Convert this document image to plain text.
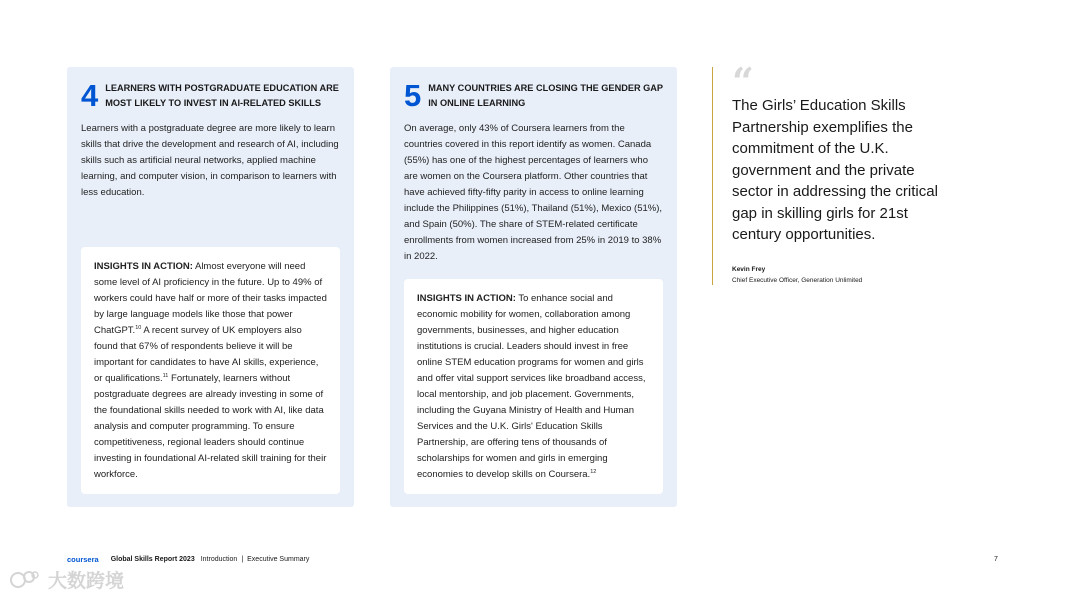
4 LEARNERS WITH POSTGRADUATE EDUCATION ARE MOST LIKELY TO INVEST IN AI-RELATED SKILLS
Learners with a postgraduate degree are more likely to learn skills that drive the development and research of AI, including skills such as artificial neural networks, applied machine learning, and computer vision, in comparison to learners with less education.
INSIGHTS IN ACTION: Almost everyone will need some level of AI proficiency in the future. Up to 49% of workers could have half or more of their tasks impacted by large language models like those that power ChatGPT.$^{10}$ A recent survey of UK employers also found that 67% of respondents believe it will be important for candidates to have AI skills, experience, or qualifications.$^{11}$ Fortunately, learners without postgraduate degrees are already investing in some of the foundational skills needed to work with AI, like data analysis and computer programming. To ensure competitiveness, regional leaders should continue investing in foundational AI-related skill training for their workforce.
5 MANY COUNTRIES ARE CLOSING THE GENDER GAP IN ONLINE LEARNING
On average, only 43% of Coursera learners from the countries covered in this report identify as women. Canada (55%) has one of the highest percentages of learners who are women on the Coursera platform. Other countries that have achieved fifty-fifty parity in access to online learning include the Philippines (51%), Thailand (51%), Mexico (51%), and Spain (50%). The share of STEM-related certificate enrollments from women increased from 25% in 2019 to 38% in 2022.
INSIGHTS IN ACTION: To enhance social and economic mobility for women, collaboration among governments, businesses, and higher education institutions is crucial. Leaders should invest in free online STEM education programs for women and girls and offer vital support services like broadband access, local mentorship, and job placement. Governments, including the Guyana Ministry of Health and Human Services and the U.K. Girls' Education Skills Partnership, are offering tens of thousands of scholarships for women and girls in emerging economies to develop skills on Coursera.$^{12}$
“
The Girls’ Education Skills Partnership exemplifies the commitment of the U.K. government and the private sector in addressing the critical gap in skilling girls for 21st century opportunities.
Kevin Frey
Chief Executive Officer, Generation Unlimited
coursera Global Skills Report 2023 Introduction | Executive Summary	7
大数跨境
